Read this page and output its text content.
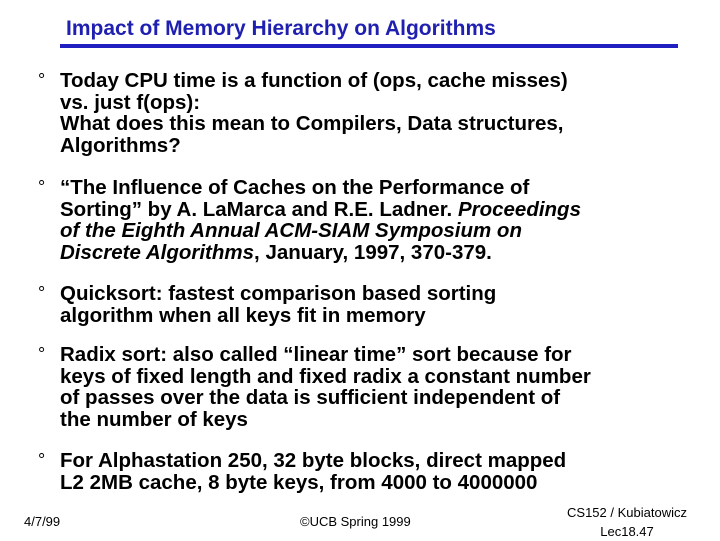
Impact of Memory Hierarchy on Algorithms
° Today CPU time is a function of (ops, cache misses)
vs. just f(ops):
What does this mean to Compilers, Data structures,
Algorithms?
° “The Influence of Caches on the Performance of
Sorting” by A. LaMarca and R.E. Ladner. Proceedings
of the Eighth Annual ACM-SIAM Symposium on
Discrete Algorithms, January, 1997, 370-379.
° Quicksort: fastest comparison based sorting
algorithm when all keys fit in memory
° Radix sort: also called “linear time” sort because for
keys of fixed length and fixed radix a constant number
of passes over the data is sufficient independent of
the number of keys
° For Alphastation 250, 32 byte blocks, direct mapped
L2 2MB cache, 8 byte keys, from 4000 to 4000000
4/7/99	©UCB Spring 1999
CS152 / Kubiatowicz
Lec18.47
